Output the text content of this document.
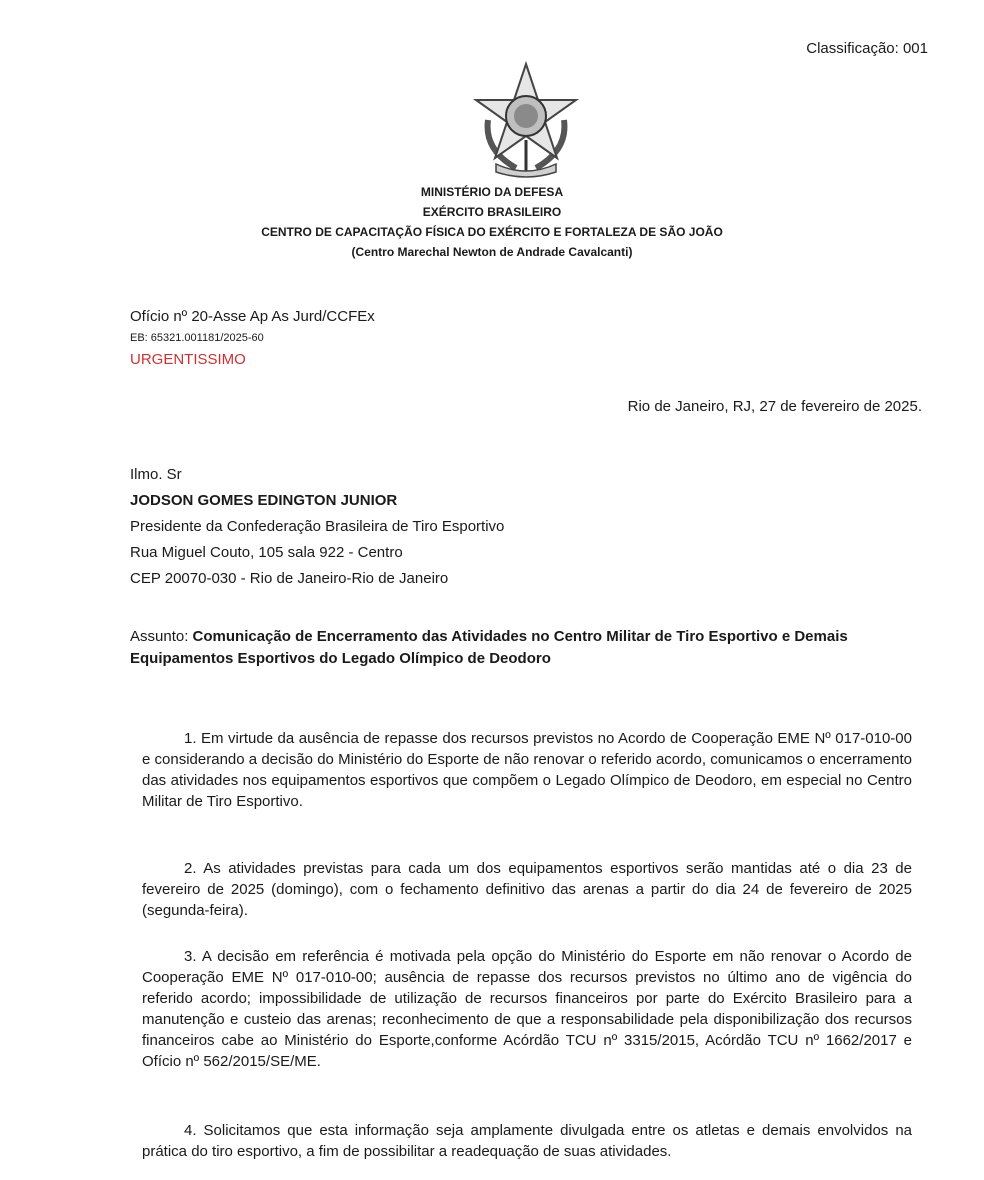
Classificação: 001
MINISTÉRIO DA DEFESA
EXÉRCITO BRASILEIRO
CENTRO DE CAPACITAÇÃO FÍSICA DO EXÉRCITO E FORTALEZA DE SÃO JOÃO
(Centro Marechal Newton de Andrade Cavalcanti)
Ofício nº 20-Asse Ap As Jurd/CCFEx
EB: 65321.001181/2025-60
URGENTISSIMO
Rio de Janeiro, RJ, 27 de fevereiro de 2025.
Ilmo. Sr
JODSON GOMES EDINGTON JUNIOR
Presidente da Confederação Brasileira de Tiro Esportivo
Rua Miguel Couto, 105 sala 922 - Centro
CEP 20070-030 - Rio de Janeiro-Rio de Janeiro
Assunto: Comunicação de Encerramento das Atividades no Centro Militar de Tiro Esportivo e Demais Equipamentos Esportivos do Legado Olímpico de Deodoro
1. Em virtude da ausência de repasse dos recursos previstos no Acordo de Cooperação EME Nº 017-010-00 e considerando a decisão do Ministério do Esporte de não renovar o referido acordo, comunicamos o encerramento das atividades nos equipamentos esportivos que compõem o Legado Olímpico de Deodoro, em especial no Centro Militar de Tiro Esportivo.
2. As atividades previstas para cada um dos equipamentos esportivos serão mantidas até o dia 23 de fevereiro de 2025 (domingo), com o fechamento definitivo das arenas a partir do dia 24 de fevereiro de 2025 (segunda-feira).
3. A decisão em referência é motivada pela opção do Ministério do Esporte em não renovar o Acordo de Cooperação EME Nº 017-010-00; ausência de repasse dos recursos previstos no último ano de vigência do referido acordo; impossibilidade de utilização de recursos financeiros por parte do Exército Brasileiro para a manutenção e custeio das arenas; reconhecimento de que a responsabilidade pela disponibilização dos recursos financeiros cabe ao Ministério do Esporte,conforme Acórdão TCU nº 3315/2015, Acórdão TCU nº 1662/2017 e Ofício nº 562/2015/SE/ME.
4. Solicitamos que esta informação seja amplamente divulgada entre os atletas e demais envolvidos na prática do tiro esportivo, a fim de possibilitar a readequação de suas atividades.
